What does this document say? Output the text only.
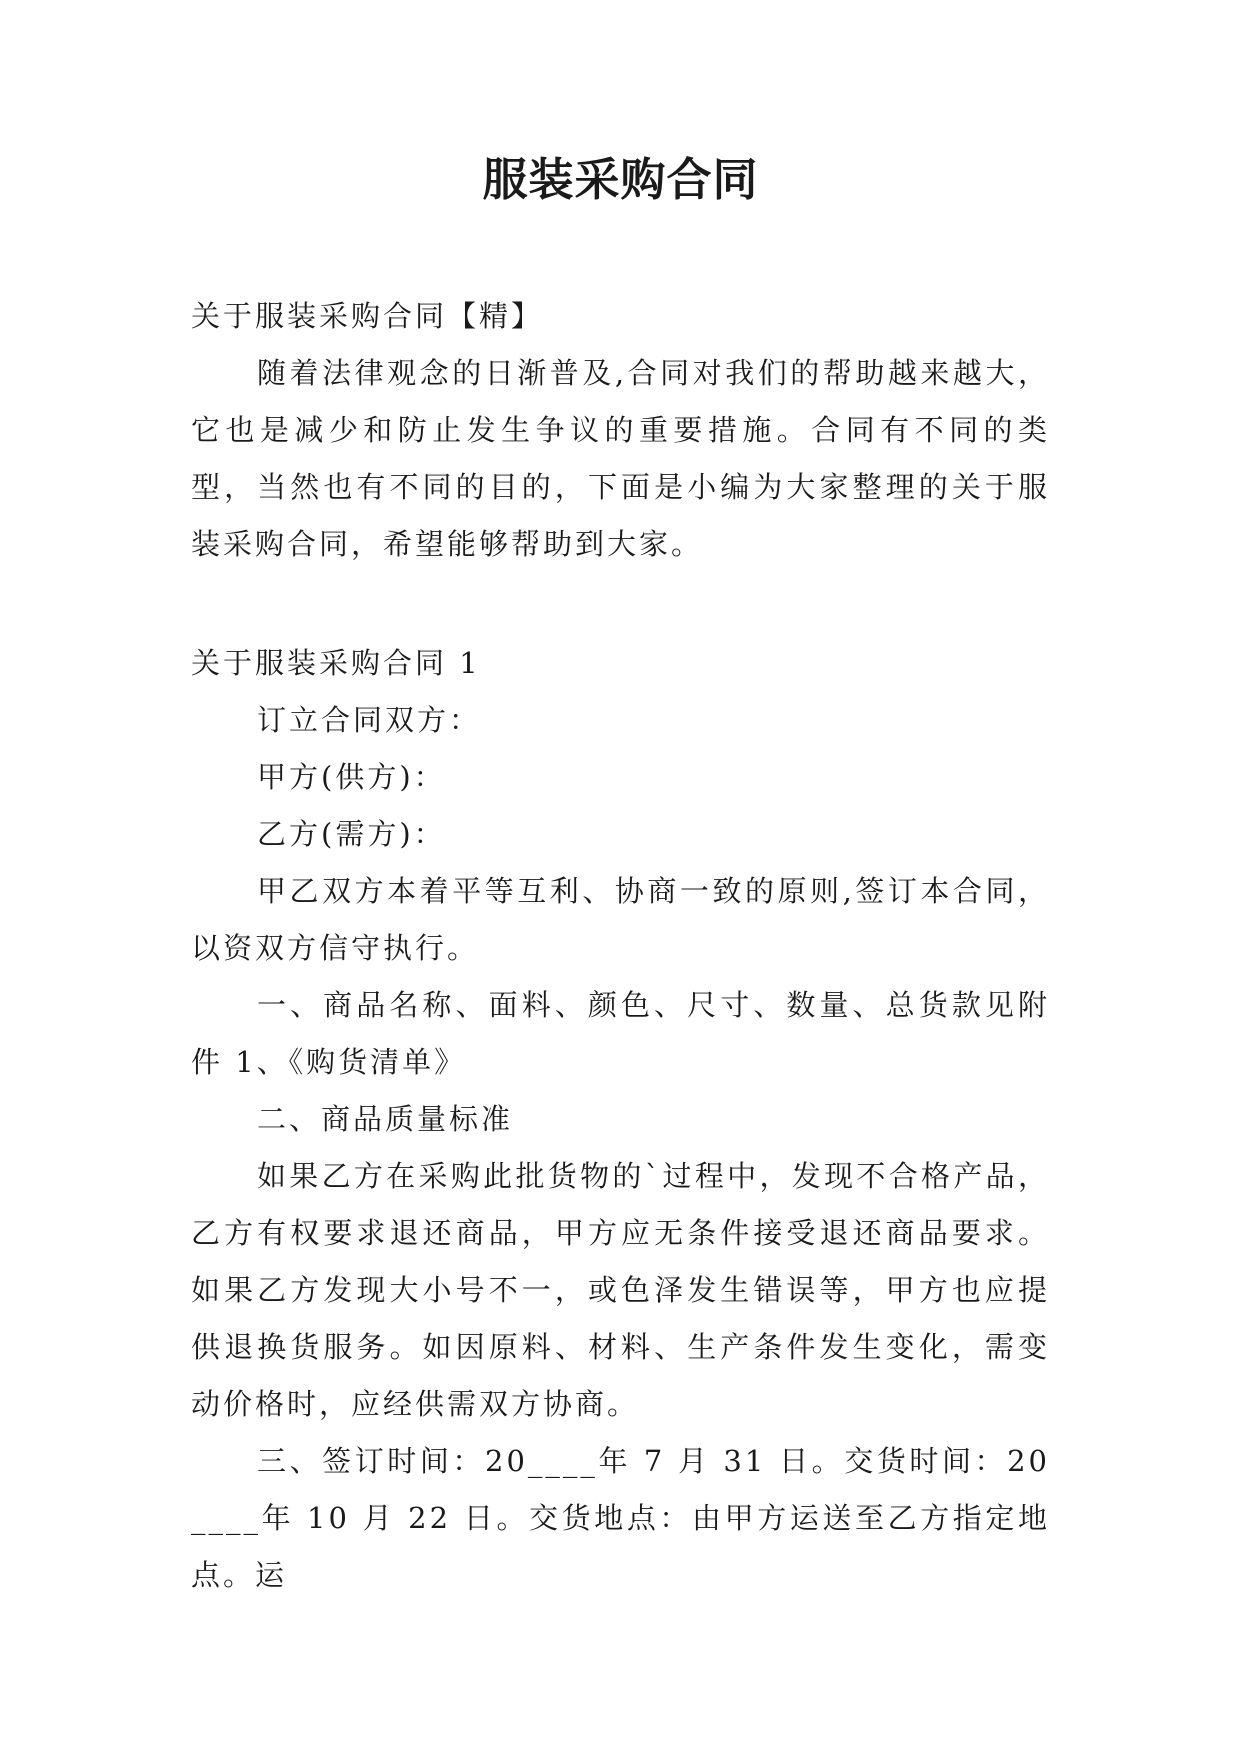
服装采购合同

关于服装采购合同【精】

随着法律观念的日渐普及,合同对我们的帮助越来越大，它也是减少和防止发生争议的重要措施。合同有不同的类型，当然也有不同的目的，下面是小编为大家整理的关于服装采购合同，希望能够帮助到大家。

关于服装采购合同 1

订立合同双方：

甲方(供方)：

乙方(需方)：

甲乙双方本着平等互利、协商一致的原则,签订本合同，以资双方信守执行。

一、商品名称、面料、颜色、尺寸、数量、总货款见附件 1、《购货清单》

二、商品质量标准

如果乙方在采购此批货物的`过程中，发现不合格产品，乙方有权要求退还商品，甲方应无条件接受退还商品要求。如果乙方发现大小号不一，或色泽发生错误等，甲方也应提供退换货服务。如因原料、材料、生产条件发生变化，需变动价格时，应经供需双方协商。

三、签订时间：20____年 7 月 31 日。交货时间：20____年 10 月 22 日。交货地点：由甲方运送至乙方指定地点。运
